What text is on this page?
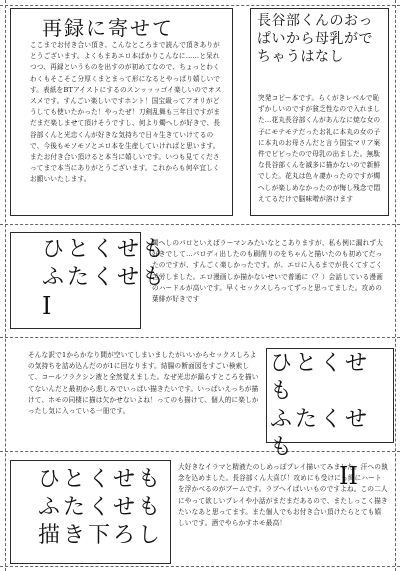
再録に寄せて
ここまでお付き合い頂き、こんなところまで読んで頂きありがとうございます。よくもまあエロ本ばかりこんなに……と呆れつつ、再録というものを出すのが初めてなので、ちょっとわくわくもそこそこ分厚くまとまって形になるとやっぱり嬉しいです。表紙をBTアイストにするのスンッッッゴイ楽しいのでオススメです。すんごい楽しいですホント！国宝級ってアオリがどうしても使いたかった！やったぜ！刀剣乱舞も三年目ですがまだまだ楽しませて頂けそうですし、何より燭へしが好きで、長谷部くんと光忠くんが好きな気持ちで日々生きていけてるので、今後もモソモソとエロ本を生産していければと思います。またお付き合い頂けると本当に嬉しいです。いつも見てくださってまで本当にありがとうございます。これからも何卒宜しくお願いいたします。
長谷部くんのおっぱいから母乳がでちゃうはなし
突発コピー本です。らくがきレベルで恥ずかしいのですが貧乏性なので入れました…花丸長谷部くんがあんなに焼な女の子にモテモテだったお礼に本丸の女の子に本丸のお母さんだと言う国宝マリア案件でビビったので母乳の出ました。無駄な長谷部くんを滅多に描かないので新鮮でした。花丸は色々凄かったのですが燭へしが楽しめなかったのが悔し残念で悶えてるだけで脳味噌が溶けます
ひとくせも
ふたくせも
I
燭へしのパロといえばラーマンみたいなとこありますが、私も例に漏れず大好きでして…パロディ出したのも刷削りのをちゃんと描いたのも初めてだったのですが、すんごく楽しかったです。が、エロに入るまでが長くてすごく苦労しました。エロ漫画しか描かないせいで普通に（？）会話している漫画のハードルが高いです。早くセックスしろってずっと思ってました。攻めの葉緋が好きです
そんな訳で1からかなり間が空いてしまいましたがいいからセックスしろよの気持ちを詰め込んだのが1に回なります。結腸の断面図をすごい検索して、コールフラクシン液と全然覚えました。なぜ光忠が漏らすところを描いてないんだと最初から悲しみでいっぱい描きたいです。いっぱいえっちが描けて、ホモの同棲に描は欠かせないよね！ってのも描けて、個人的に楽しかったし気に入っている一冊です。
ひとくせも
ふたくせも
II
ひとくせも
ふたくせも
描き下ろし
大好きなイラマと精液たのしめっぽプレイ描いてみました。汗への執念を込めました。長谷部くん大喜び！攻めにも受けにも縛にハートを浮かべるのがブームです。ラブへイばいいものですよね。この二人にやって欲しいプレイや小話がまだまだあるので、またしっこく描きたいなあと思ってます。また個人でもお付き合い頂けたらとても嬉しいです。酒でやらかすホモ最高！
